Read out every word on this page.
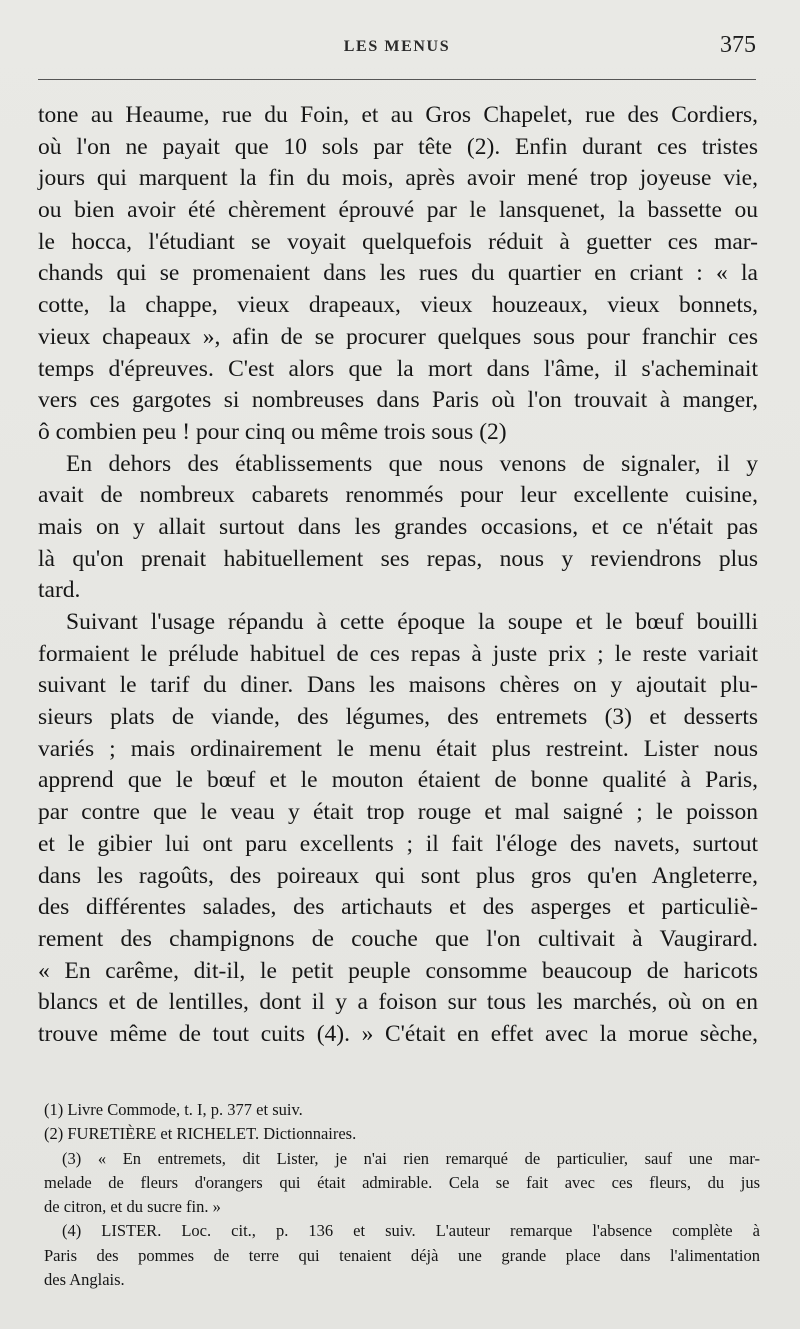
LES MENUS	375
tone au Heaume, rue du Foin, et au Gros Chapelet, rue des Cordiers,
où l'on ne payait que 10 sols par tête (2). Enfin durant ces tristes
jours qui marquent la fin du mois, après avoir mené trop joyeuse vie,
ou bien avoir été chèrement éprouvé par le lansquenet, la bassette ou
le hocca, l'étudiant se voyait quelquefois réduit à guetter ces mar-
chands qui se promenaient dans les rues du quartier en criant : « la
cotte, la chappe, vieux drapeaux, vieux houzeaux, vieux bonnets,
vieux chapeaux », afin de se procurer quelques sous pour franchir ces
temps d'épreuves. C'est alors que la mort dans l'âme, il s'acheminait
vers ces gargotes si nombreuses dans Paris où l'on trouvait à manger,
ô combien peu ! pour cinq ou même trois sous (2)
En dehors des établissements que nous venons de signaler, il y
avait de nombreux cabarets renommés pour leur excellente cuisine,
mais on y allait surtout dans les grandes occasions, et ce n'était pas
là qu'on prenait habituellement ses repas, nous y reviendrons plus
tard.
Suivant l'usage répandu à cette époque la soupe et le bœuf bouilli
formaient le prélude habituel de ces repas à juste prix ; le reste variait
suivant le tarif du diner. Dans les maisons chères on y ajoutait plu-
sieurs plats de viande, des légumes, des entremets (3) et desserts
variés ; mais ordinairement le menu était plus restreint. Lister nous
apprend que le bœuf et le mouton étaient de bonne qualité à Paris,
par contre que le veau y était trop rouge et mal saigné ; le poisson
et le gibier lui ont paru excellents ; il fait l'éloge des navets, surtout
dans les ragoûts, des poireaux qui sont plus gros qu'en Angleterre,
des différentes salades, des artichauts et des asperges et particuliè-
rement des champignons de couche que l'on cultivait à Vaugirard.
« En carême, dit-il, le petit peuple consomme beaucoup de haricots
blancs et de lentilles, dont il y a foison sur tous les marchés, où on en
trouve même de tout cuits (4). » C'était en effet avec la morue sèche,
(1) Livre Commode, t. I, p. 377 et suiv.
(2) FURETIÈRE et RICHELET. Dictionnaires.
(3) « En entremets, dit Lister, je n'ai rien remarqué de particulier, sauf une mar-
melade de fleurs d'orangers qui était admirable. Cela se fait avec ces fleurs, du jus
de citron, et du sucre fin. »
(4) LISTER. Loc. cit., p. 136 et suiv. L'auteur remarque l'absence complète à
Paris des pommes de terre qui tenaient déjà une grande place dans l'alimentation
des Anglais.
